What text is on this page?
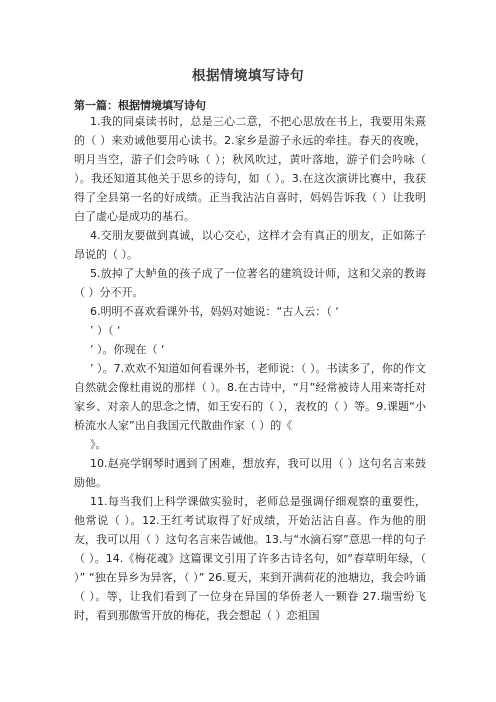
根据情境填写诗句
第一篇：根据情境填写诗句

1.我的同桌读书时，总是三心二意，不把心思放在书上，我要用朱熹的（ ）来劝诫他要用心读书。2.家乡是游子永远的牵挂。春天的夜晚，明月当空，游子们会吟咏（ ）；秋风吹过，黄叶落地，游子们会吟咏（ ）。我还知道其他关于思乡的诗句，如（ ）。3.在这次演讲比赛中，我获得了全县第一名的好成绩。正当我沾沾自喜时，妈妈告诉我（ ）让我明白了虚心是成功的基石。

4.交朋友要做到真诚，以心交心，这样才会有真正的朋友，正如陈子昂说的（ ）。

5.放掉了大鲈鱼的孩子成了一位著名的建筑设计师，这和父亲的教诲（ ）分不开。

6.明明不喜欢看课外书，妈妈对她说：“古人云：（ ‘

’ ）（ ‘

’ ）。你现在（ ‘

’ ）。7.欢欢不知道如何看课外书，老师说：（ ）。书读多了，你的作文自然就会像杜甫说的那样（ ）。8.在古诗中，“月”经常被诗人用来寄托对家乡、对亲人的思念之情，如王安石的（ ），表枚的（ ）等。9.课题“小桥流水人家”出自我国元代散曲作家（ ）的《

》。

10.赵亮学钢琴时遇到了困难，想放弃，我可以用（ ）这句名言来鼓励他。

11.每当我们上科学课做实验时，老师总是强调仔细观察的重要性，他常说（ ）。12.王红考试取得了好成绩，开始沾沾自喜。作为他的朋友，我可以用（ ）这句名言来告诫他。13.与“水滴石穿”意思一样的句子（ ）。14.《梅花魂》这篇课文引用了许多古诗名句，如“春草明年绿，（ ）” “独在异乡为异客，（ ）” 26.夏天，来到开满荷花的池塘边，我会吟诵（ ）。等，让我们看到了一位身在异国的华侨老人一颗眷 27.瑞雪纷飞时，看到那傲雪开放的梅花，我会想起（ ）恋祖国
